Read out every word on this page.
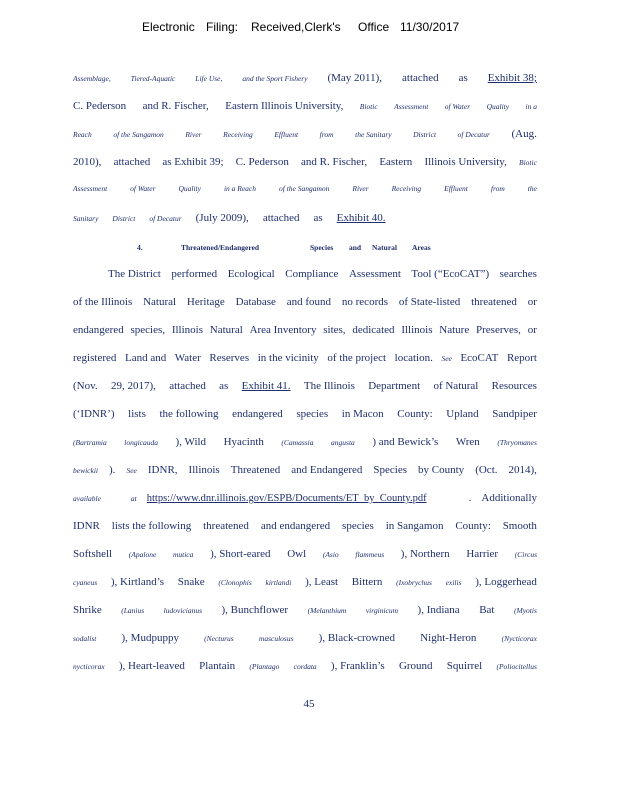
Electronic Filing: Received,Clerk's Office 11/30/2017
Assemblage,	Tiered-Aquatic	Life Use,	and the Sport Fishery (May 2011), attached as Exhibit 38;
C. Pederson and R. Fischer, Eastern Illinois University, Biotic Assessment of Water Quality in a
Reach	of the Sangamon	River	Receiving	Effluent	from	the Sanitary	District	of Decatur (Aug.
2010), attached as Exhibit 39; C. Pederson and R. Fischer, Eastern Illinois University, Biotic
Assessment	of Water	Quality	in a Reach	of the Sangamon	River	Receiving	Effluent	from	the
Sanitary District of Decatur (July 2009), attached as Exhibit 40.
4.	Threatened/Endangered	Species and Natural Areas
The District performed Ecological Compliance Assessment Tool (“EcoCAT”) searches
of the Illinois Natural Heritage Database and found no records of State-listed threatened or
endangered species, Illinois Natural Area Inventory sites, dedicated Illinois Nature Preserves, or
registered Land and Water Reserves in the vicinity of the project location. See EcoCAT Report
(Nov. 29, 2017), attached as Exhibit 41. The Illinois Department of Natural Resources
(‘IDNR’) lists the following endangered species in Macon County: Upland Sandpiper
(Bartramia longicauda ), Wild Hyacinth (Camassia angusta ) and Bewick’s Wren (Thryomanes
bewickii ). See IDNR, Illinois Threatened and Endangered Species by County (Oct. 2014),
available	at https://www.dnr.illinois.gov/ESPB/Documents/ET_by_County.pdf	. Additionally
IDNR lists the following threatened and endangered species in Sangamon County: Smooth
Softshell (Apalone mutica ), Short-eared Owl (Asio flammeus ), Northern Harrier (Circus
cyaneus ), Kirtland’s Snake (Clonophis kirtlandi ), Least Bittern (Ixobrychus exilis ), Loggerhead
Shrike	(Lanius	ludovicianus ), Bunchflower	(Melanthium	virginicum ), Indiana Bat	(Myotis
sodalist ), Mudpuppy	(Necturus	masculosus ), Black-crowned Night-Heron	(Nycticorax
nycticorax ), Heart-leaved Plantain (Plantago cordata ), Franklin’s Ground Squirrel (Poliocitellus
45
